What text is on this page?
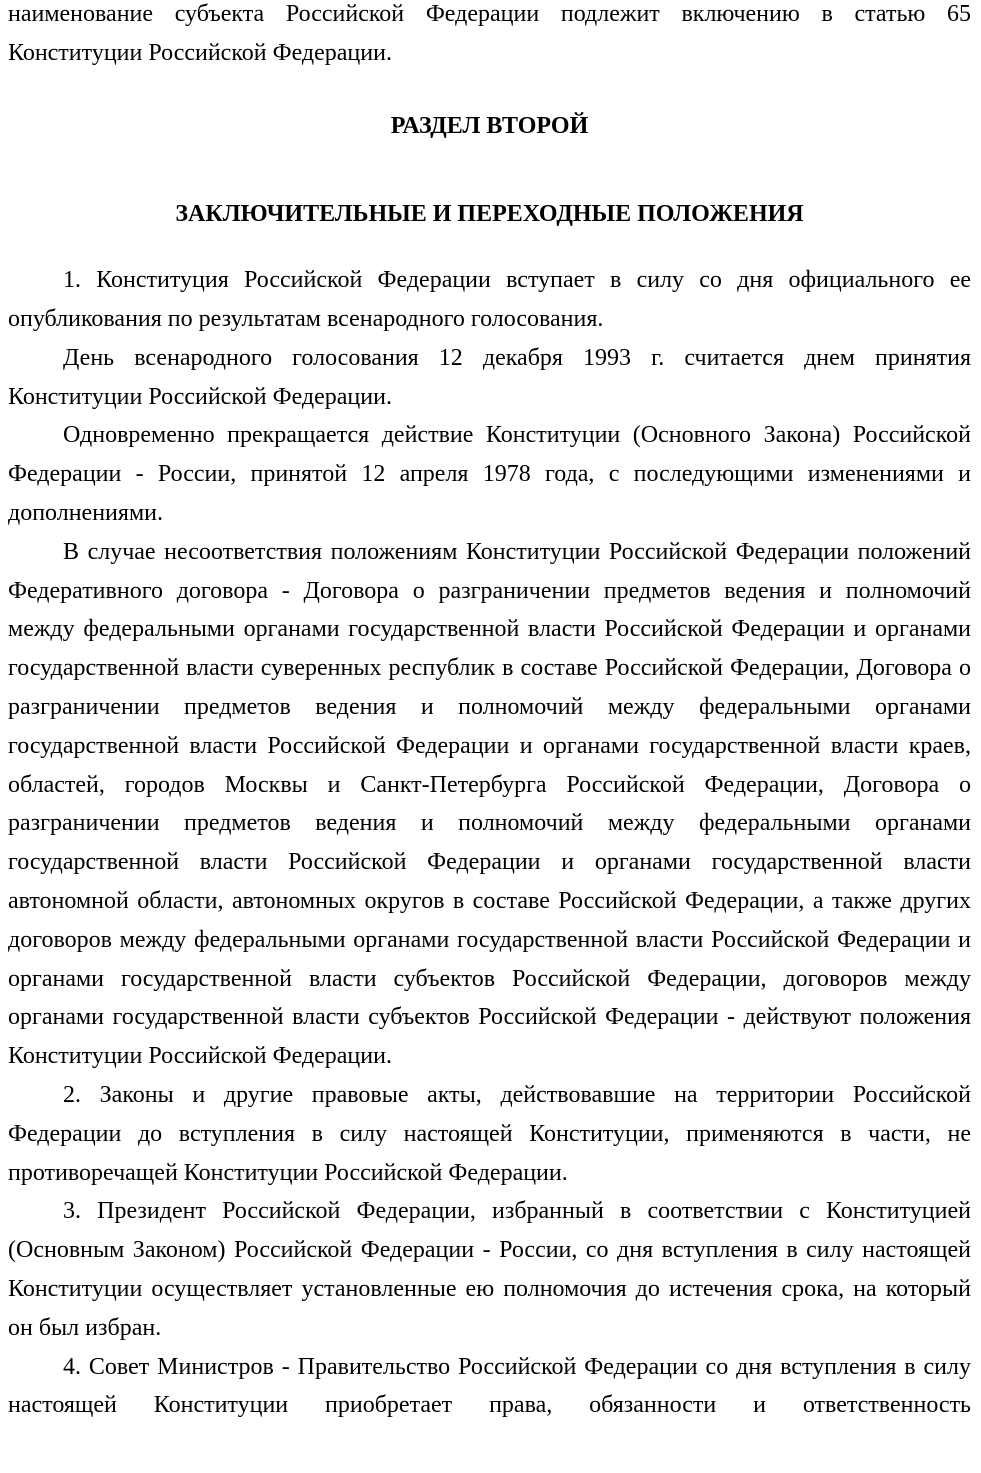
наименование субъекта Российской Федерации подлежит включению в статью 65 Конституции Российской Федерации.

РАЗДЕЛ ВТОРОЙ

ЗАКЛЮЧИТЕЛЬНЫЕ И ПЕРЕХОДНЫЕ ПОЛОЖЕНИЯ

1. Конституция Российской Федерации вступает в силу со дня официального ее опубликования по результатам всенародного голосования.

День всенародного голосования 12 декабря 1993 г. считается днем принятия Конституции Российской Федерации.

Одновременно прекращается действие Конституции (Основного Закона) Российской Федерации - России, принятой 12 апреля 1978 года, с последующими изменениями и дополнениями.

В случае несоответствия положениям Конституции Российской Федерации положений Федеративного договора - Договора о разграничении предметов ведения и полномочий между федеральными органами государственной власти Российской Федерации и органами государственной власти суверенных республик в составе Российской Федерации, Договора о разграничении предметов ведения и полномочий между федеральными органами государственной власти Российской Федерации и органами государственной власти краев, областей, городов Москвы и Санкт-Петербурга Российской Федерации, Договора о разграничении предметов ведения и полномочий между федеральными органами государственной власти Российской Федерации и органами государственной власти автономной области, автономных округов в составе Российской Федерации, а также других договоров между федеральными органами государственной власти Российской Федерации и органами государственной власти субъектов Российской Федерации, договоров между органами государственной власти субъектов Российской Федерации - действуют положения Конституции Российской Федерации.

2. Законы и другие правовые акты, действовавшие на территории Российской Федерации до вступления в силу настоящей Конституции, применяются в части, не противоречащей Конституции Российской Федерации.

3. Президент Российской Федерации, избранный в соответствии с Конституцией (Основным Законом) Российской Федерации - России, со дня вступления в силу настоящей Конституции осуществляет установленные ею полномочия до истечения срока, на который он был избран.

4. Совет Министров - Правительство Российской Федерации со дня вступления в силу настоящей Конституции приобретает права, обязанности и ответственность
